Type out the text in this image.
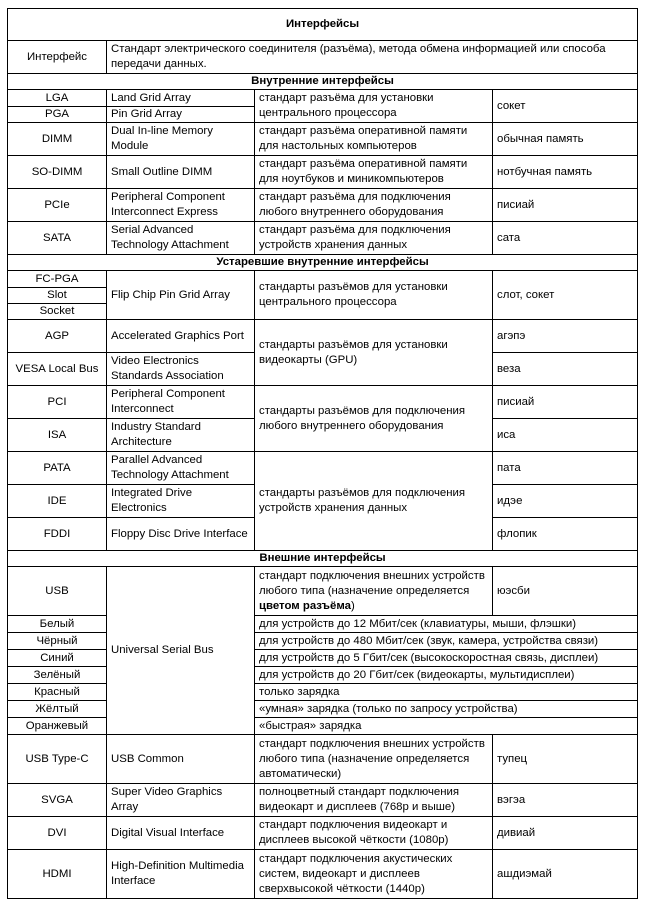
Интерфейсы			
Интерфейс	Стандарт электрического соединителя (разъёма), метода обмена информацией или способа передачи данных.		
Внутренние интерфейсы			
LGA	Land Grid Array	стандарт разъёма для установки центрального процессора	сокет
PGA	Pin Grid Array		
DIMM	Dual In-line Memory Module	стандарт разъёма оперативной памяти для настольных компьютеров	обычная память
SO-DIMM	Small Outline DIMM	стандарт разъёма оперативной памяти для ноутбуков и миникомпьютеров	нотбучная память
PCIe	Peripheral Component Interconnect Express	стандарт разъёма для подключения любого внутреннего оборудования	писиай
SATA	Serial Advanced Technology Attachment	стандарт разъёма для подключения устройств хранения данных	сата
Устаревшие внутренние интерфейсы			
FC-PGA	Flip Chip Pin Grid Array	стандарты разъёмов для установки центрального процессора	слот, сокет
Slot			
Socket			
AGP	Accelerated Graphics Port	стандарты разъёмов для установки видеокарты (GPU)	агэпэ
VESA Local Bus	Video Electronics Standards Association		веза
PCI	Peripheral Component Interconnect	стандарты разъёмов для подключения любого внутреннего оборудования	писиай
ISA	Industry Standard Architecture		иса
PATA	Parallel Advanced Technology Attachment	стандарты разъёмов для подключения устройств хранения данных	пата
IDE	Integrated Drive Electronics		идэе
FDDI	Floppy Disc Drive Interface		флопик
Внешние интерфейсы			
USB	Universal Serial Bus	стандарт подключения внешних устройств любого типа (назначение определяется цветом разъёма)	юэсби
Белый		для устройств до 12 Мбит/сек (клавиатуры, мыши, флэшки)	
Чёрный		для устройств до 480 Мбит/сек (звук, камера, устройства связи)	
Синий		для устройств до 5 Гбит/сек (высокоскоростная связь, дисплеи)	
Зелёный		для устройств до 20 Гбит/сек (видеокарты, мультидисплеи)	
Красный		только зарядка	
Жёлтый		«умная» зарядка (только по запросу устройства)	
Оранжевый		«быстрая» зарядка	
USB Type-C	USB Common	стандарт подключения внешних устройств любого типа (назначение определяется автоматически)	тупец
SVGA	Super Video Graphics Array	полноцветный стандарт подключения видеокарт и дисплеев (768p и выше)	вэгэа
DVI	Digital Visual Interface	стандарт подключения видеокарт и дисплеев высокой чёткости (1080p)	дивиай
HDMI	High-Definition Multimedia Interface	стандарт подключения акустических систем, видеокарт и дисплеев сверхвысокой чёткости (1440p)	ашдиэмай
